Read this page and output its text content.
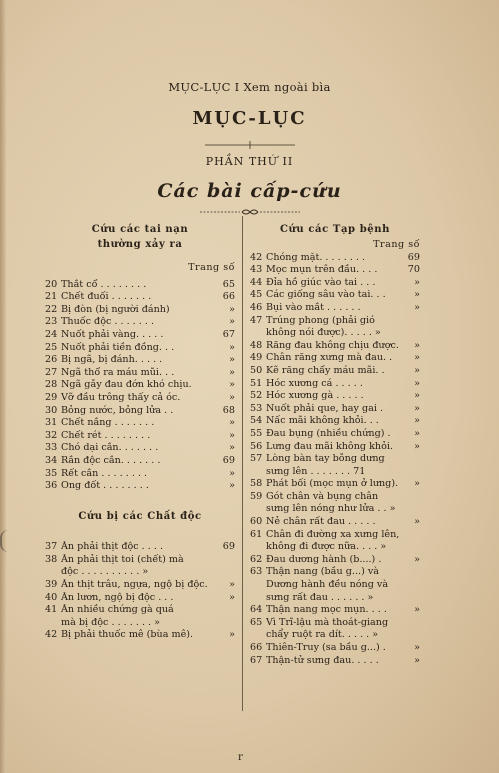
MỤC-LỤC I Xem ngoài bìa
MỤC-LỤC
PHẦN THỨ II
Các bài cấp-cứu
Cứu các tai nạn
thường xảy ra
Trang số
20 Thắt cổ . . . . . . . .	65
21 Chết đuối . . . . . . .	66
22 Bị đòn (bị người đánh)	»
23 Thuốc độc . . . . . . .	»
24 Nuốt phải vàng. . . . .	67
25 Nuốt phải tiền đồng. . .	»
26 Bị ngã, bị đánh. . . . .	»
27 Ngã thổ ra máu mũi. . .	»
28 Ngã gẫy đau đớn khó chịu.	»
29 Vỡ đầu trông thấy cả óc.	»
30 Bỏng nước, bỏng lửa . .	68
31 Chết nắng . . . . . . .	»
32 Chết rét . . . . . . . .	»
33 Chó dại cắn. . . . . . .	»
34 Rắn độc cắn. . . . . . .	69
35 Rết cắn . . . . . . . .	»
36 Ong đốt . . . . . . . .	»
Cứu bị các Chất độc
37 Ăn phải thịt độc . . . .	69
38 Ăn phải thịt toi (chết) mà
độc . . . . . . . . . . »
39 Ăn thịt trâu, ngựa, ngộ bị độc.	»
40 Ăn lươn, ngộ bị độc . . .	»
41 Ăn nhiều chứng gà quá
mà bị độc . . . . . . . »
42 Bị phải thuốc mê (bùa mê).	»
Cứu các Tạp bệnh
Trang số
42 Chóng mặt. . . . . . . .	69
43 Mọc mụn trên đầu. . . .	70
44 Đỉa hồ giúc vào tai . . .	»
45 Các giống sâu vào tai. . .	»
46 Bụi vào mắt . . . . . .	»
47 Trúng phong (phải gió
không nói được). . . . . »
48 Răng đau không chịu được.	»
49 Chân răng xưng mà đau. .	»
50 Kẽ răng chẩy máu mãi. .	»
51 Hóc xương cá . . . . .	»
52 Hóc xương gà . . . . .	»
53 Nuốt phải que, hay gai .	»
54 Nấc mãi không khỏi. . .	»
55 Đau bụng (nhiều chứng) .	»
56 Lưng đau mãi không khỏi.	»
57 Lòng bàn tay bỗng dưng
sưng lên . . . . . . . 71
58 Phát bối (mọc mụn ở lưng).	»
59 Gót chân và bụng chân
sưng lên nóng như lửa . . »
60 Nẻ chân rất đau . . . . .	»
61 Chân đi đường xa xưng lên,
không đi được nữa. . . . »
62 Đau dương hành (b....) .	»
63 Thận nang (bầu g...) và
Dương hành đều nóng và
sưng rất đau . . . . . . »
64 Thận nang mọc mụn. . . .	»
65 Vì Trĩ-lậu mà thoát-giang
chẩy ruột ra dít. . . . . »
66 Thiên-Truy (sa bầu g...) .	»
67 Thận-tử sưng đau. . . . .	»
r
